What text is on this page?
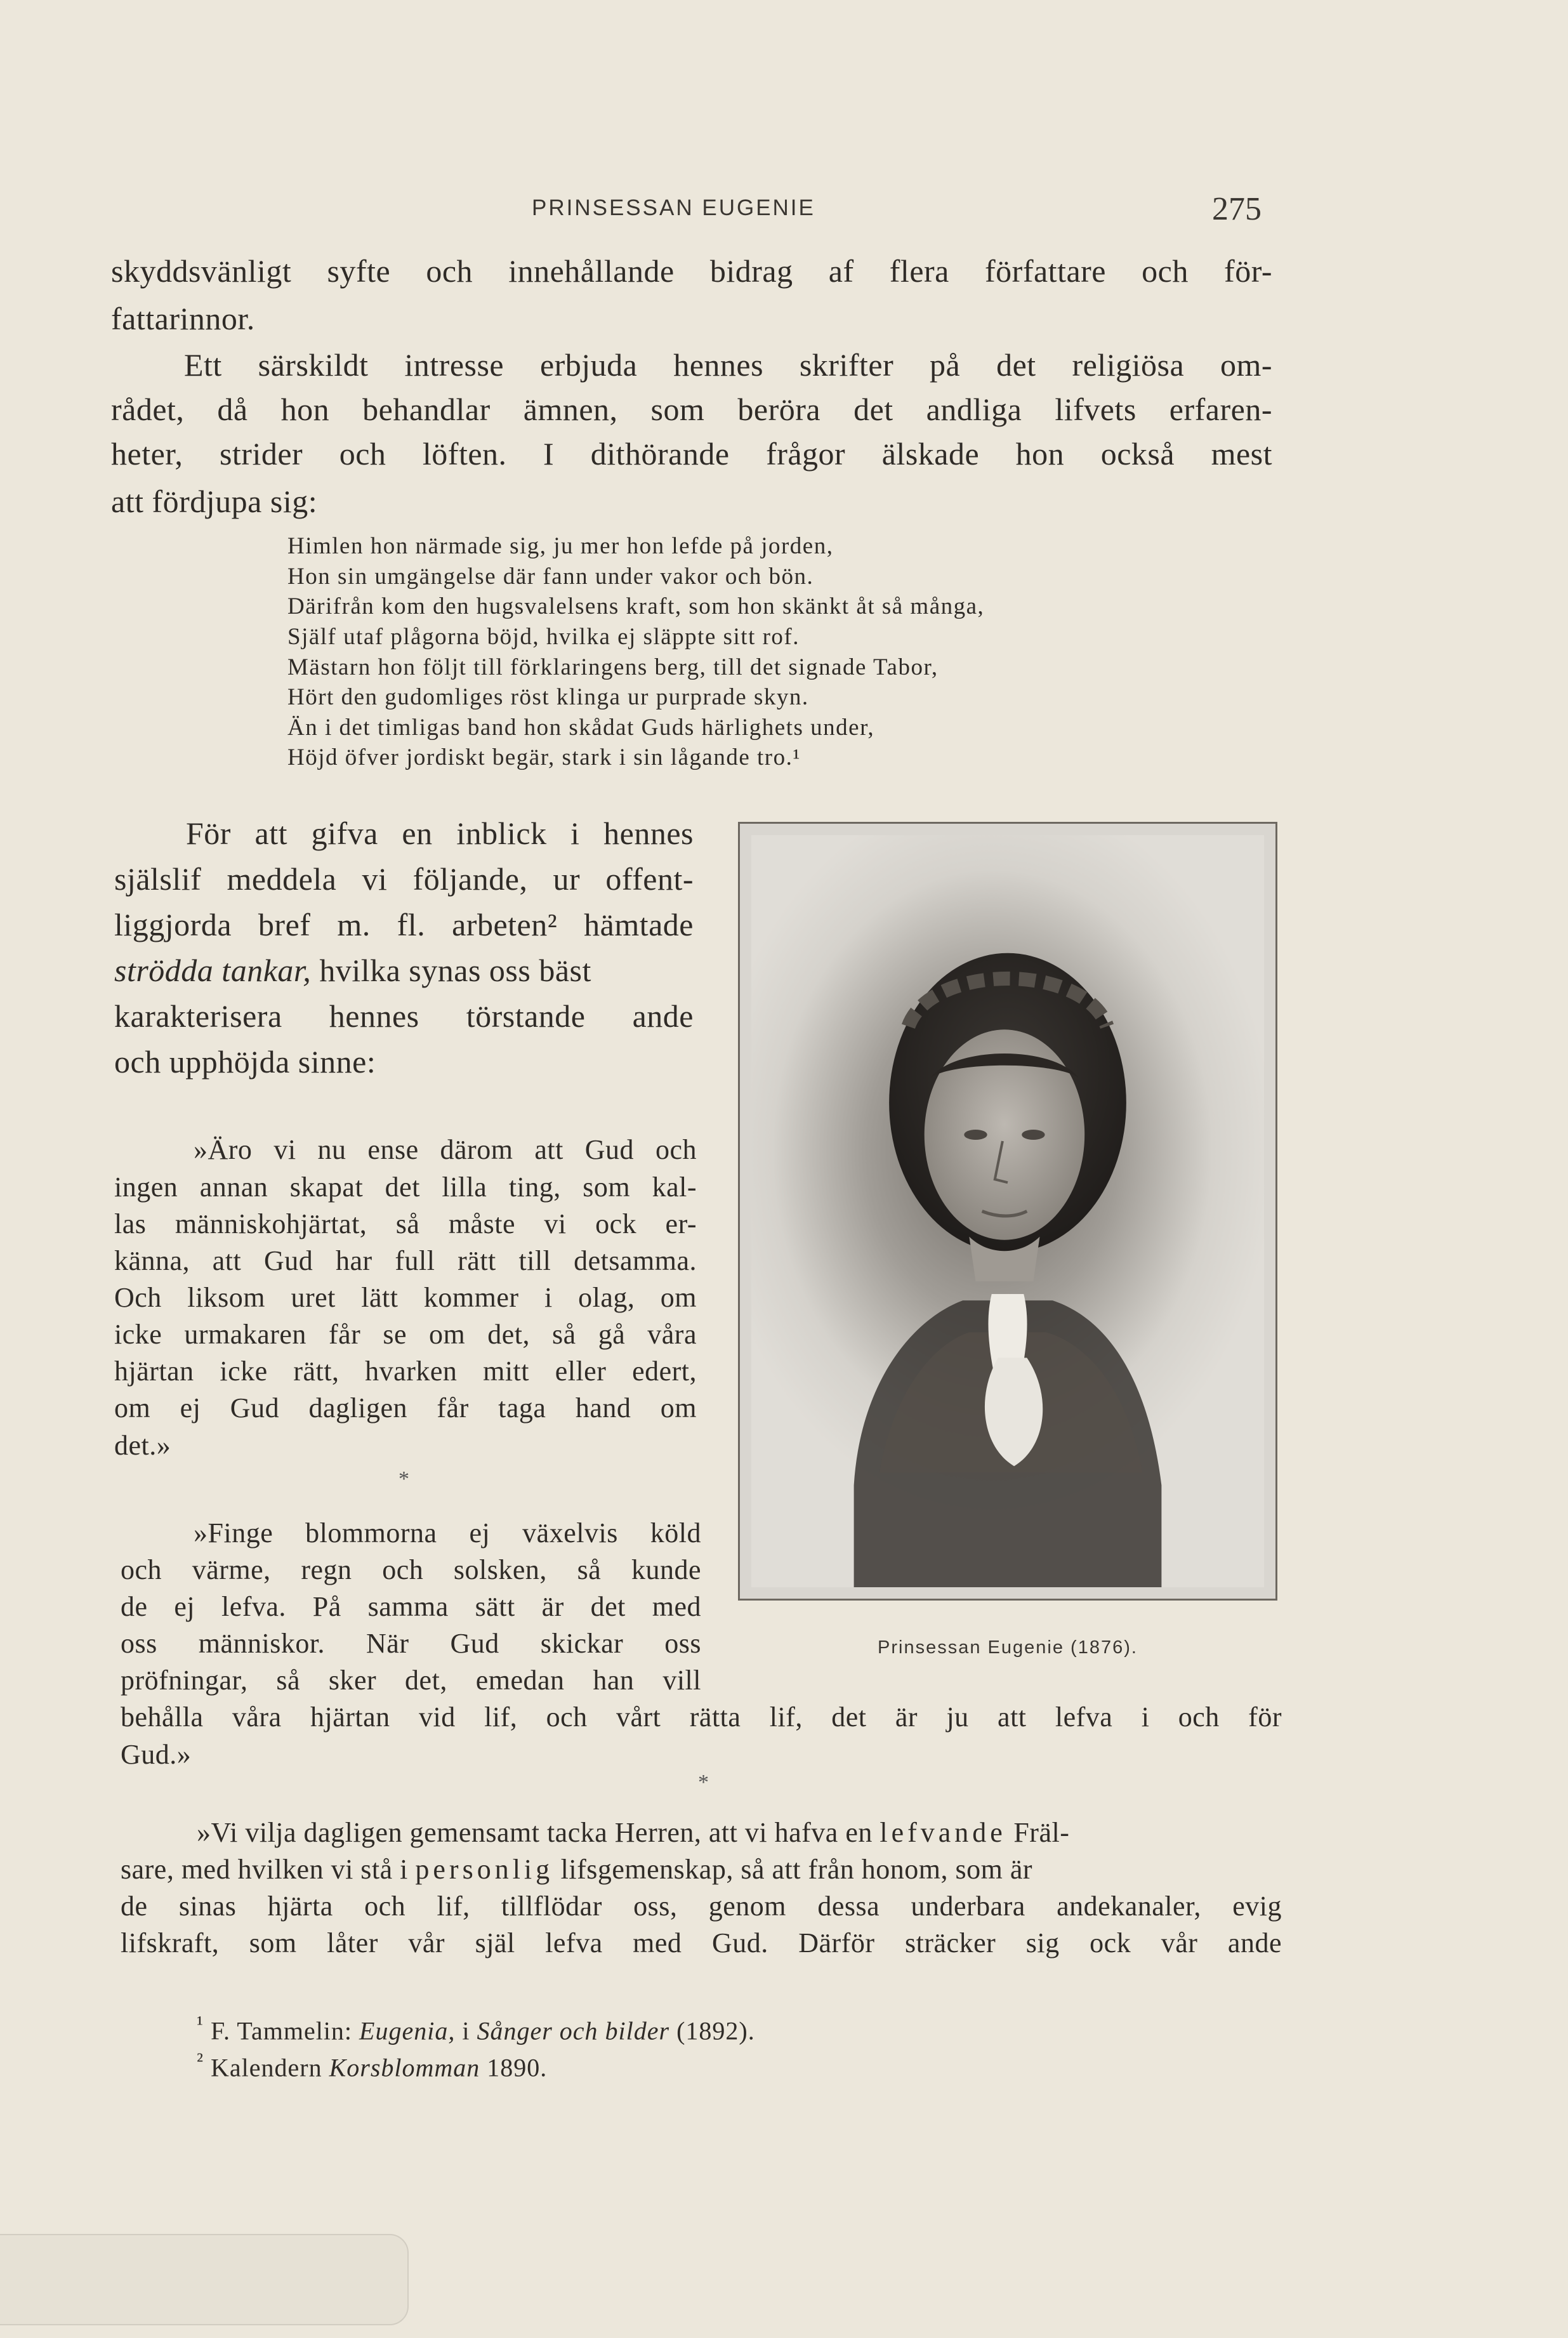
PRINSESSAN EUGENIE	275
skyddsvänligt syfte och innehållande bidrag af flera författare och för-
fattarinnor.
Ett särskildt intresse erbjuda hennes skrifter på det religiösa om-
rådet, då hon behandlar ämnen, som beröra det andliga lifvets erfaren-
heter, strider och löften. I dithörande frågor älskade hon också mest
att fördjupa sig:
Himlen hon närmade sig, ju mer hon lefde på jorden,
Hon sin umgängelse där fann under vakor och bön.
Därifrån kom den hugsvalelsens kraft, som hon skänkt åt så många,
Själf utaf plågorna böjd, hvilka ej släppte sitt rof.
Mästarn hon följt till förklaringens berg, till det signade Tabor,
Hört den gudomliges röst klinga ur purprade skyn.
Än i det timligas band hon skådat Guds härlighets under,
Höjd öfver jordiskt begär, stark i sin lågande tro.¹
För att gifva en inblick i hennes
själslif meddela vi följande, ur offent-
liggjorda bref m. fl. arbeten² hämtade
strödda tankar, hvilka synas oss bäst
karakterisera hennes törstande ande
och upphöjda sinne:
»Äro vi nu ense därom att Gud och
ingen annan skapat det lilla ting, som kal-
las människohjärtat, så måste vi ock er-
känna, att Gud har full rätt till detsamma.
Och liksom uret lätt kommer i olag, om
icke urmakaren får se om det, så gå våra
hjärtan icke rätt, hvarken mitt eller edert,
om ej Gud dagligen får taga hand om
det.»
*
»Finge blommorna ej växelvis köld
och värme, regn och solsken, så kunde
de ej lefva. På samma sätt är det med
oss människor. När Gud skickar oss
pröfningar, så sker det, emedan han vill
behålla våra hjärtan vid lif, och vårt rätta lif, det är ju att lefva i och för
Gud.»
*
»Vi vilja dagligen gemensamt tacka Herren, att vi hafva en lefvande Fräl-
sare, med hvilken vi stå i personlig lifsgemenskap, så att från honom, som är
de sinas hjärta och lif, tillflödar oss, genom dessa underbara andekanaler, evig
lifskraft, som låter vår själ lefva med Gud. Därför sträcker sig ock vår ande
Prinsessan Eugenie (1876).
$^{^1}$ F. Tammelin: Eugenia, i Sånger och bilder (1892).
$^{^2}$ Kalendern Korsblomman 1890.
